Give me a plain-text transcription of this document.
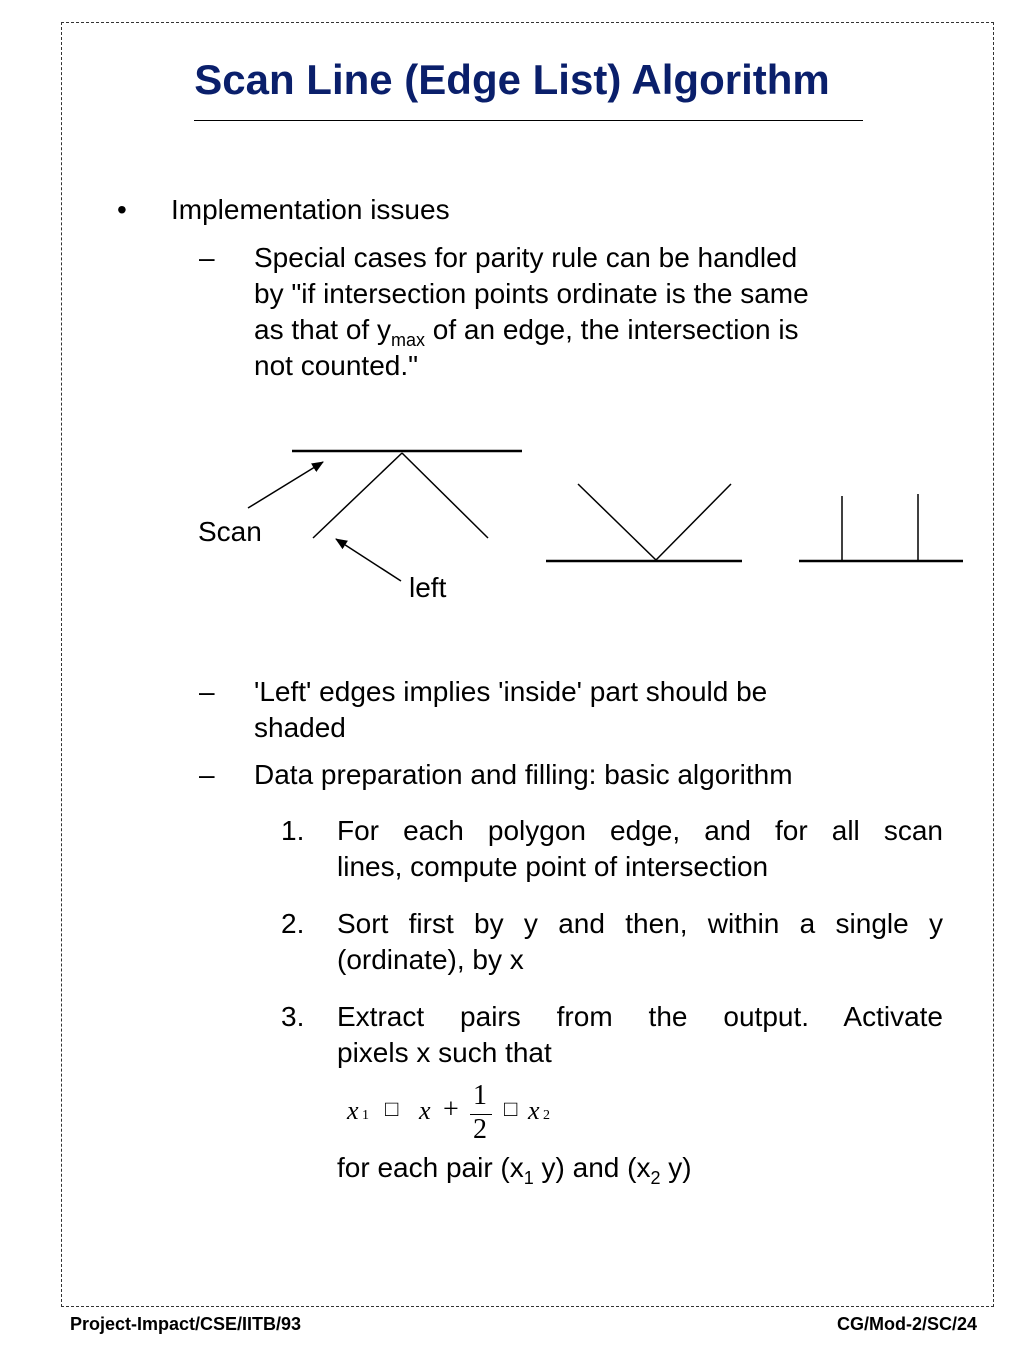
Scan Line (Edge List) Algorithm
• Implementation issues
– Special cases for parity rule can be handled
by "if intersection points ordinate is the same
as that of $y_{max}$ of an edge, the intersection is
not counted."
Scan
left
– 'Left' edges implies 'inside' part should be
shaded
– Data preparation and filling: basic algorithm
1. For each polygon edge, and for all scan
lines, compute point of intersection
2. Sort first by y and then, within a single y
(ordinate), by x
3. Extract pairs from the output. Activate
pixels x such that
x 1 □ x + 1
2
□ x 2
for each pair ($x_1$ y) and ($x_2$ y)
Project-Impact/CSE/IITB/93	CG/Mod-2/SC/24
